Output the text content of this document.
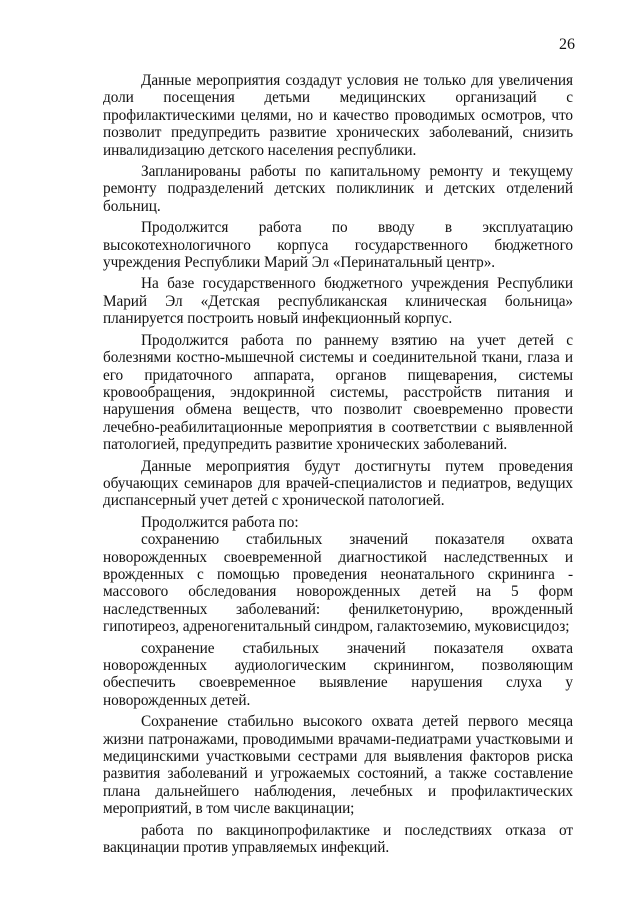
26

Данные мероприятия создадут условия не только для увеличения доли посещения детьми медицинских организаций с профилактическими целями, но и качество проводимых осмотров, что позволит предупредить развитие хронических заболеваний, снизить инвалидизацию детского населения республики.

Запланированы работы по капитальному ремонту и текущему ремонту подразделений детских поликлиник и детских отделений больниц.

Продолжится работа по вводу в эксплуатацию высокотехнологичного корпуса государственного бюджетного учреждения Республики Марий Эл «Перинатальный центр».

На базе государственного бюджетного учреждения Республики Марий Эл «Детская республиканская клиническая больница» планируется построить новый инфекционный корпус.

Продолжится работа по раннему взятию на учет детей с болезнями костно-мышечной системы и соединительной ткани, глаза и его придаточного аппарата, органов пищеварения, системы кровообращения, эндокринной системы, расстройств питания и нарушения обмена веществ, что позволит своевременно провести лечебно-реабилитационные мероприятия в соответствии с выявленной патологией, предупредить развитие хронических заболеваний.

Данные мероприятия будут достигнуты путем проведения обучающих семинаров для врачей-специалистов и педиатров, ведущих диспансерный учет детей с хронической патологией.

Продолжится работа по:

сохранению стабильных значений показателя охвата новорожденных своевременной диагностикой наследственных и врожденных с помощью проведения неонатального скрининга - массового обследования новорожденных детей на 5 форм наследственных заболеваний: фенилкетонурию, врожденный гипотиреоз, адреногенитальный синдром, галактоземию, муковисцидоз;

сохранение стабильных значений показателя охвата новорожденных аудиологическим скринингом, позволяющим обеспечить своевременное выявление нарушения слуха у новорожденных детей.

Сохранение стабильно высокого охвата детей первого месяца жизни патронажами, проводимыми врачами-педиатрами участковыми и медицинскими участковыми сестрами для выявления факторов риска развития заболеваний и угрожаемых состояний, а также составление плана дальнейшего наблюдения, лечебных и профилактических мероприятий, в том числе вакцинации;

работа по вакцинопрофилактике и последствиях отказа от вакцинации против управляемых инфекций.
